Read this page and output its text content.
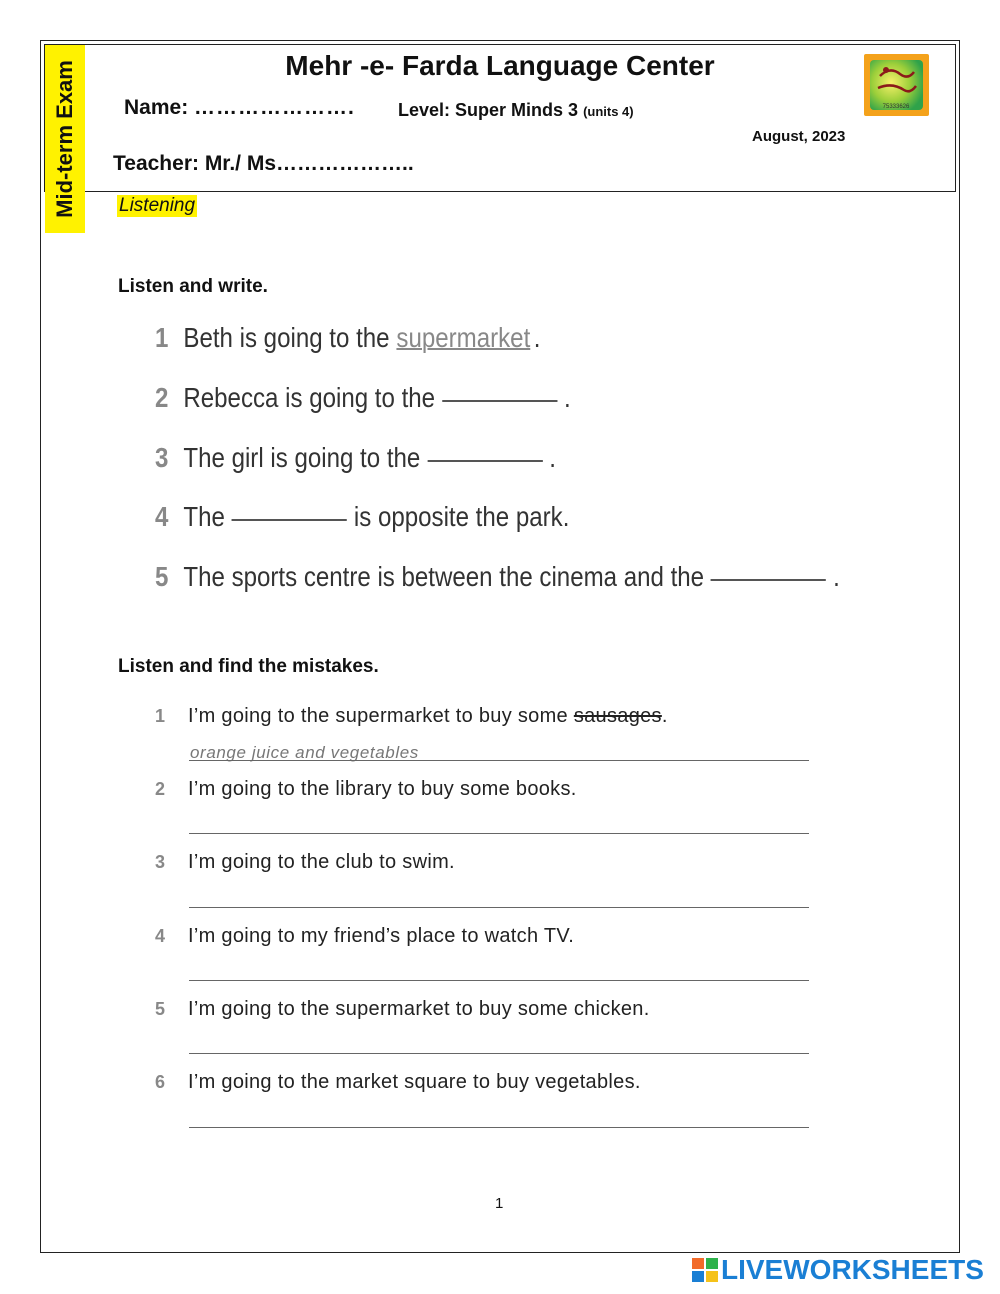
Mid-term Exam	Mehr -e- Farda Language Center
Name: …………………. Level: Super Minds 3 (units 4)
August, 2023
Teacher: Mr./ Ms………………..
75333626
Listening
Listen and write.
1 Beth is going to the supermarket .
2 Rebecca is going to the	.
3 The girl is going to the	.
4 The	is opposite the park.
5 The sports centre is between the cinema and the	.
Listen and find the mistakes.
1 I’m going to the supermarket to buy some sausages.
orange juice and vegetables
2 I’m going to the library to buy some books.
3 I’m going to the club to swim.
4 I’m going to my friend’s place to watch TV.
5 I’m going to the supermarket to buy some chicken.
6 I’m going to the market square to buy vegetables.
1
LIVEWORKSHEETS
